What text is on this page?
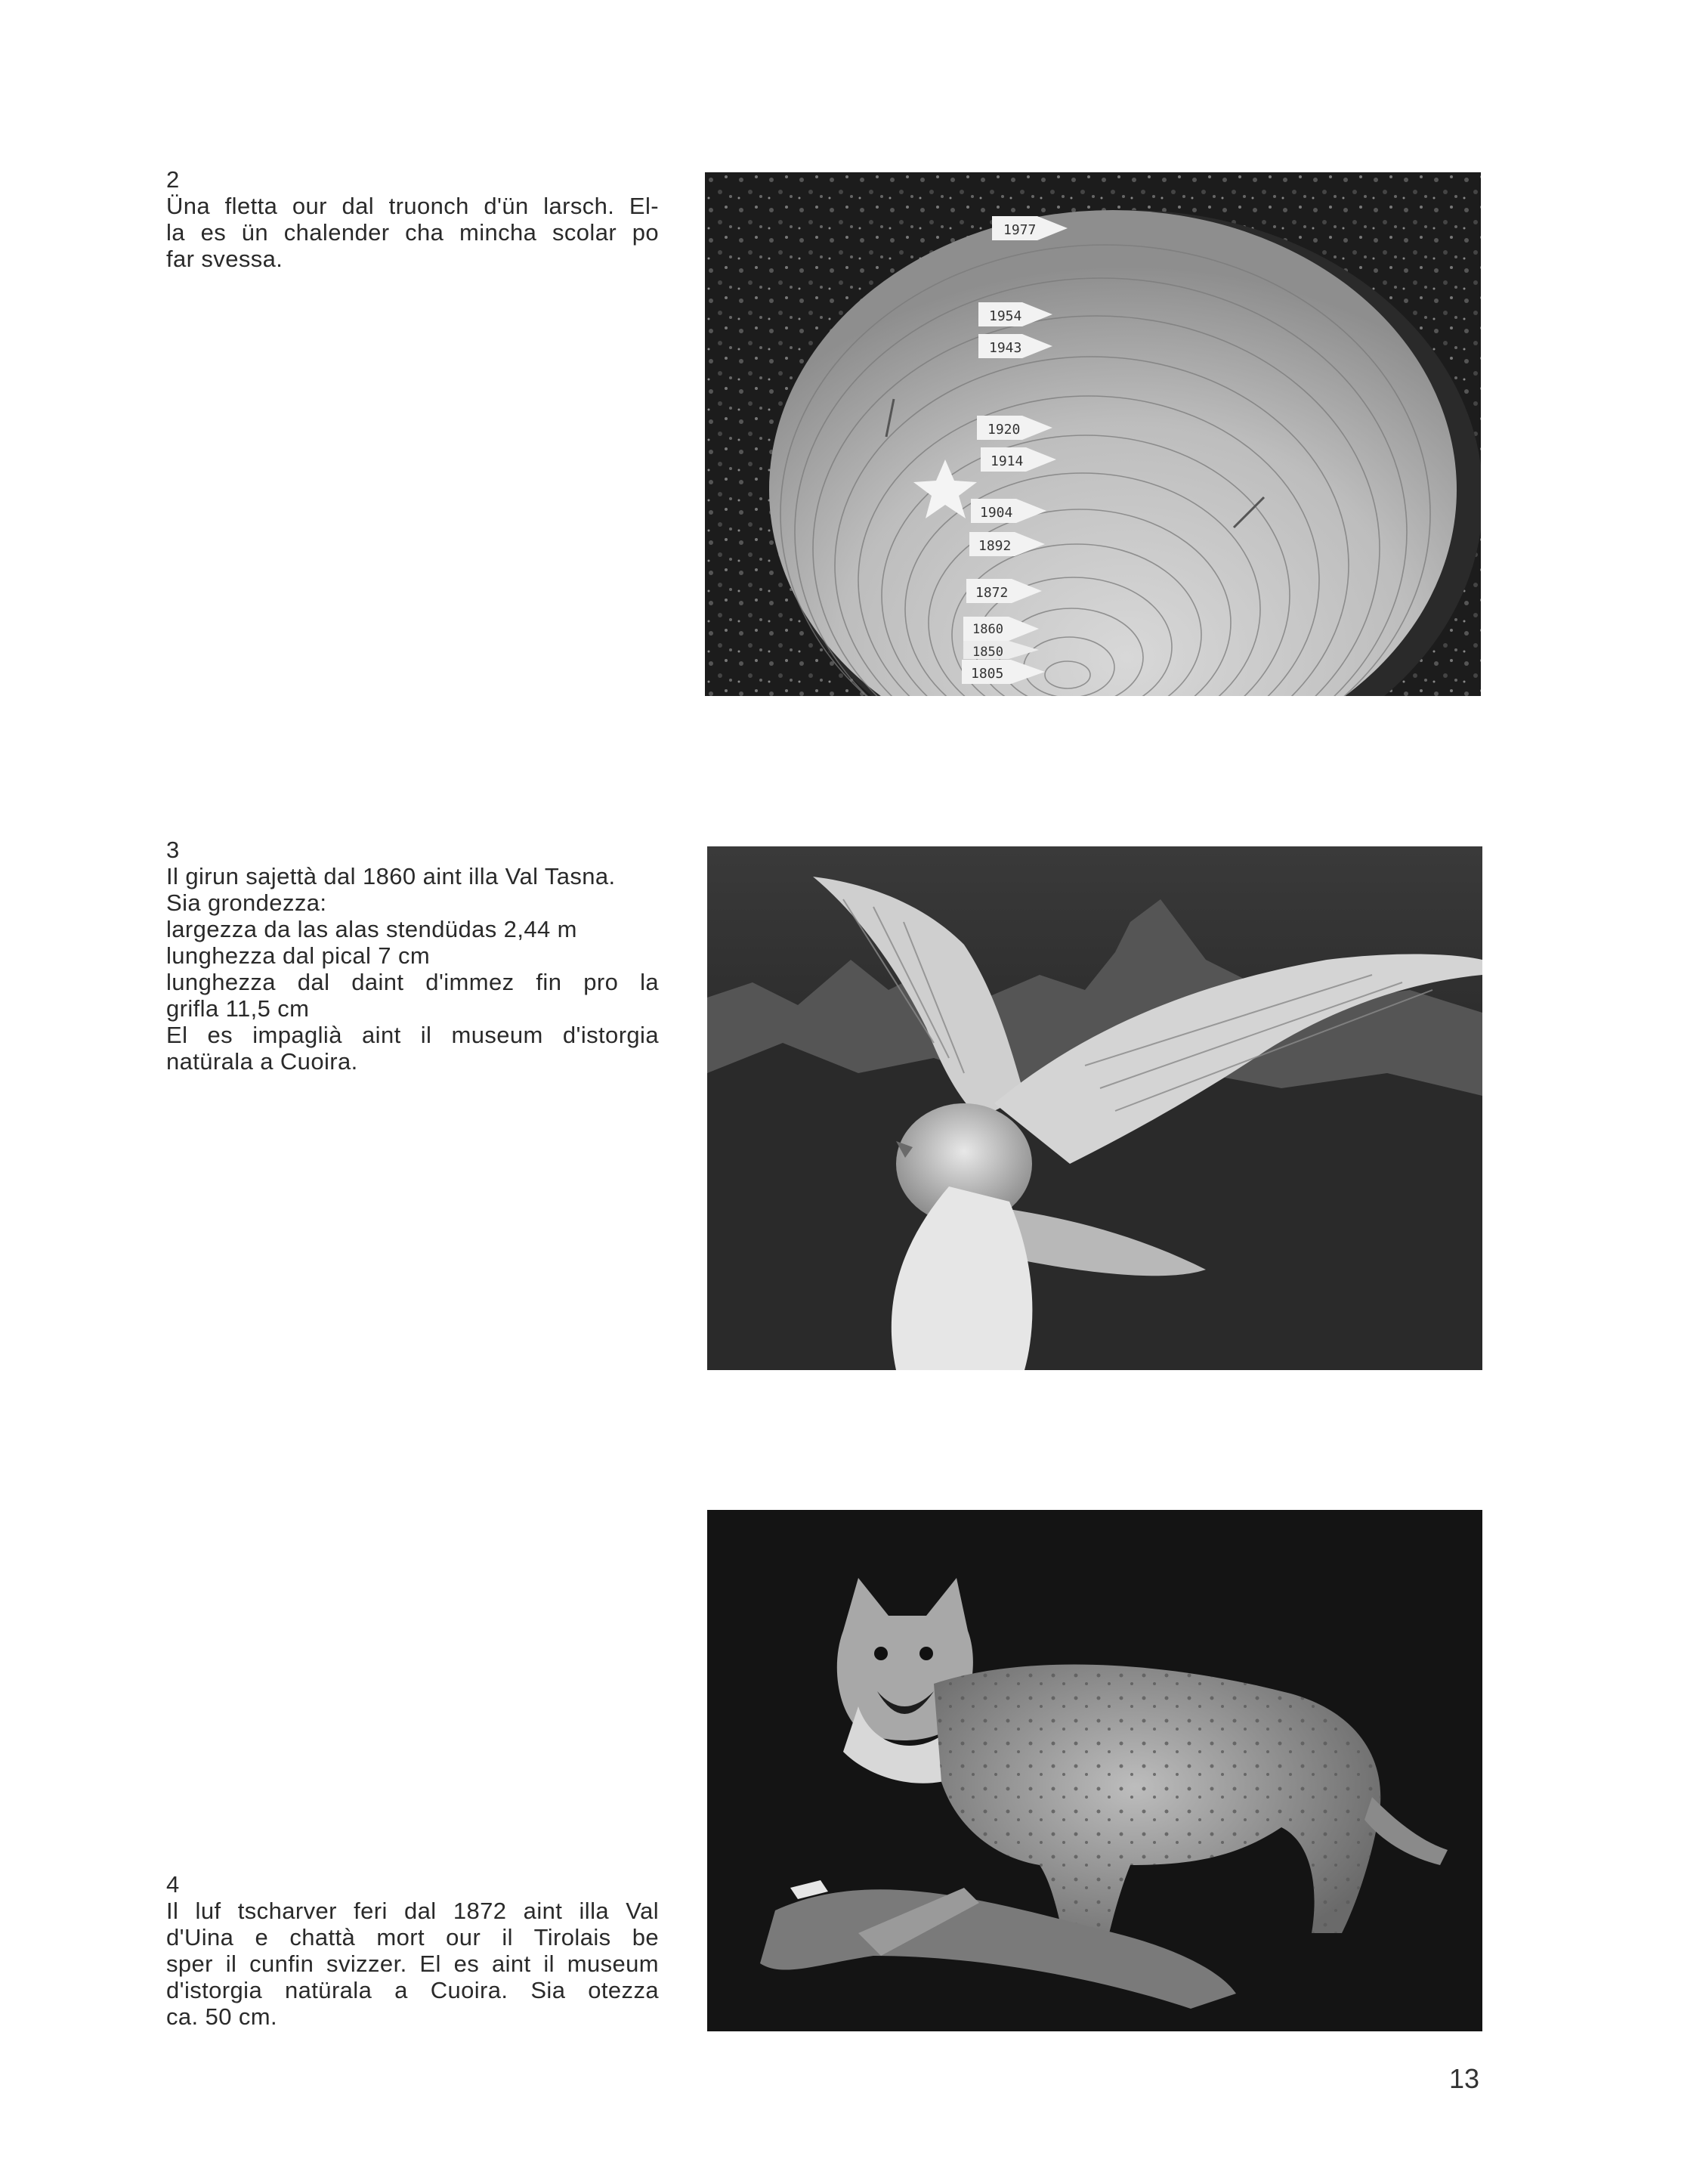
2
Üna fletta our dal truonch d'ün larsch. El-
la es ün chalender cha mincha scolar po
far svessa.
1977
1954
1943
1920
1914
1904
1892
1872
1860
1850
1805
3
Il girun sajettà dal 1860 aint illa Val Tasna.
Sia grondezza:
largezza da las alas stendüdas 2,44 m
lunghezza dal pical 7 cm
lunghezza dal daint d'immez fin pro la
grifla 11,5 cm
El es impaglià aint il museum d'istorgia
natürala a Cuoira.
4
Il luf tscharver feri dal 1872 aint illa Val
d'Uina e chattà mort our il Tirolais be
sper il cunfin svizzer. El es aint il museum
d'istorgia natürala a Cuoira. Sia otezza
ca. 50 cm.
13
